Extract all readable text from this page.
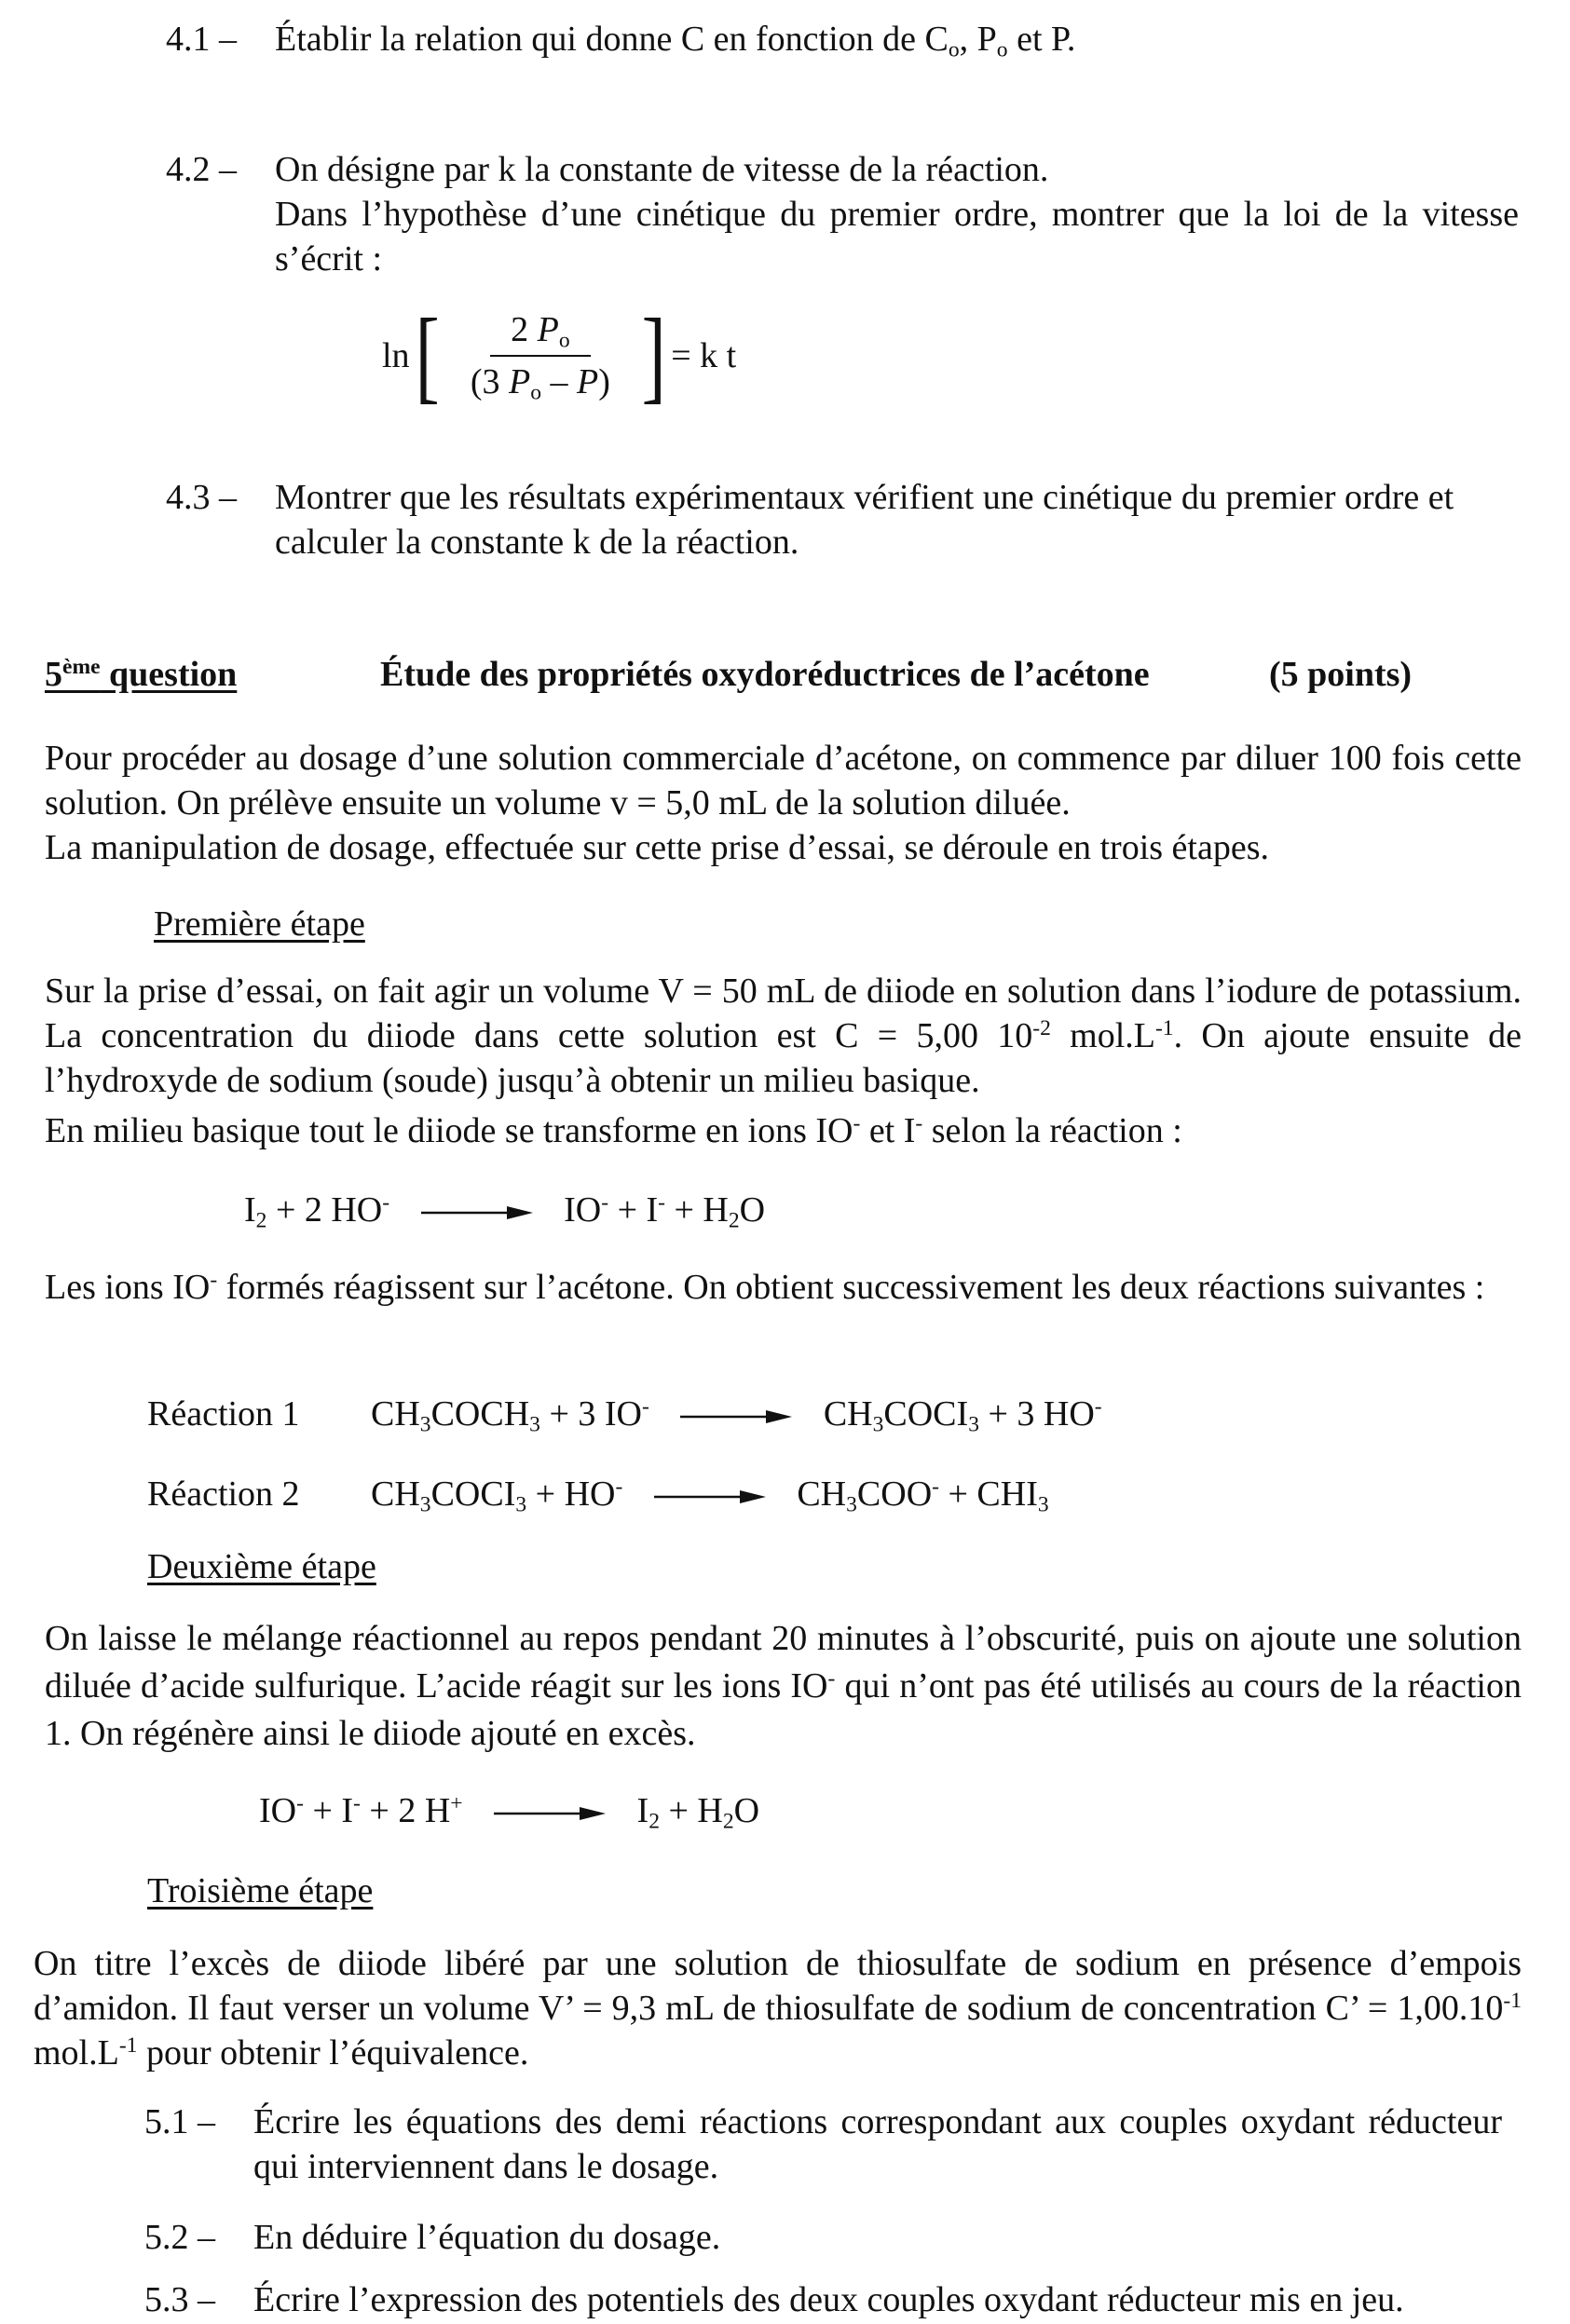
4.1 – Établir la relation qui donne C en fonction de $C_o$, $P_o$ et P.
4.2 – On désigne par k la constante de vitesse de la réaction.
Dans l’hypothèse d’une cinétique du premier ordre, montrer que la loi de la vitesse s’écrit :
ln [ $\frac{2 P_o}{(3 P_o - P)}$ ] = k t
4.3 – Montrer que les résultats expérimentaux vérifient une cinétique du premier ordre et calculer la constante k de la réaction.
5ème question	Étude des propriétés oxydoréductrices de l’acétone	(5 points)
Pour procéder au dosage d’une solution commerciale d’acétone, on commence par diluer 100 fois cette solution. On prélève ensuite un volume v = 5,0 mL de la solution diluée.
La manipulation de dosage, effectuée sur cette prise d’essai, se déroule en trois étapes.
Première étape
Sur la prise d’essai, on fait agir un volume V = 50 mL de diiode en solution dans l’iodure de potassium. La concentration du diiode dans cette solution est C = 5,00 $10^{-2}$ $mol.L^{-1}$. On ajoute ensuite de l’hydroxyde de sodium (soude) jusqu’à obtenir un milieu basique.
En milieu basique tout le diiode se transforme en ions IO- et I- selon la réaction :
$I_2 + 2$ $HO^- \to IO^- + I^- + H_2O$
Les ions IO- formés réagissent sur l’acétone. On obtient successivement les deux réactions suivantes :
Réaction 1 $CH_3COCH_3 + 3$ $IO^- \to CH_3COCI_3 + 3$ HO-
Réaction 2 $CH_3COCI_3 + HO^- \to CH_3COO^- + CHI_3$
Deuxième étape
On laisse le mélange réactionnel au repos pendant 20 minutes à l’obscurité, puis on ajoute une solution diluée d’acide sulfurique. L’acide réagit sur les ions IO- qui n’ont pas été utilisés au cours de la réaction 1. On régénère ainsi le diiode ajouté en excès.
IO- + I- + 2 $H^+ \to I_2 + H_2O$
Troisième étape
On titre l’excès de diiode libéré par une solution de thiosulfate de sodium en présence d’empois d’amidon. Il faut verser un volume V’ = 9,3 mL de thiosulfate de sodium de concentration C’ = $1,00.10^{-1}$ $mol.L^{-1}$ pour obtenir l’équivalence.
5.1 – Écrire les équations des demi réactions correspondant aux couples oxydant réducteur qui interviennent dans le dosage.
5.2 – En déduire l’équation du dosage.
5.3 – Écrire l’expression des potentiels des deux couples oxydant réducteur mis en jeu.
